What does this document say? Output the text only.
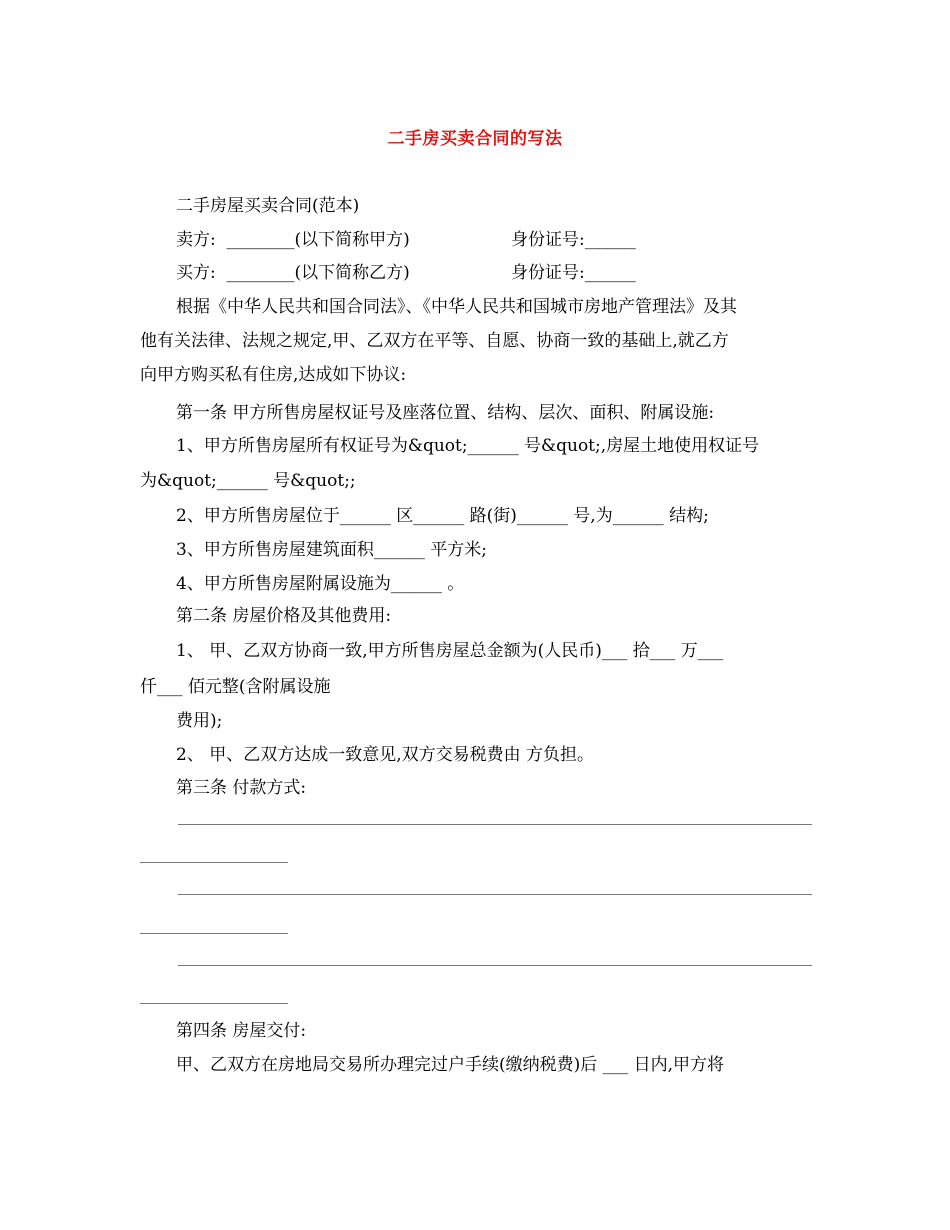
二手房买卖合同的写法
二手房屋买卖合同(范本)
卖方:  ________(以下简称甲方)	身份证号:______
买方:  ________(以下简称乙方)	身份证号:______
根据《中华人民共和国合同法》、《中华人民共和国城市房地产管理法》及其
他有关法律、法规之规定,甲、乙双方在平等、自愿、协商一致的基础上,就乙方
向甲方购买私有住房,达成如下协议:
第一条 甲方所售房屋权证号及座落位置、结构、层次、面积、附属设施:
1、甲方所售房屋所有权证号为&quot;______ 号&quot;,房屋土地使用权证号
为&quot;______ 号&quot;;
2、甲方所售房屋位于______ 区______ 路(街)______ 号,为______ 结构;
3、甲方所售房屋建筑面积______ 平方米;
4、甲方所售房屋附属设施为______ 。
第二条 房屋价格及其他费用:
1、 甲、乙双方协商一致,甲方所售房屋总金额为(人民币)___ 拾___ 万___
仟___ 佰元整(含附属设施
费用);
2、 甲、乙双方达成一致意见,双方交易税费由 方负担。
第三条 付款方式:
第四条 房屋交付:
甲、乙双方在房地局交易所办理完过户手续(缴纳税费)后 ___ 日内,甲方将
